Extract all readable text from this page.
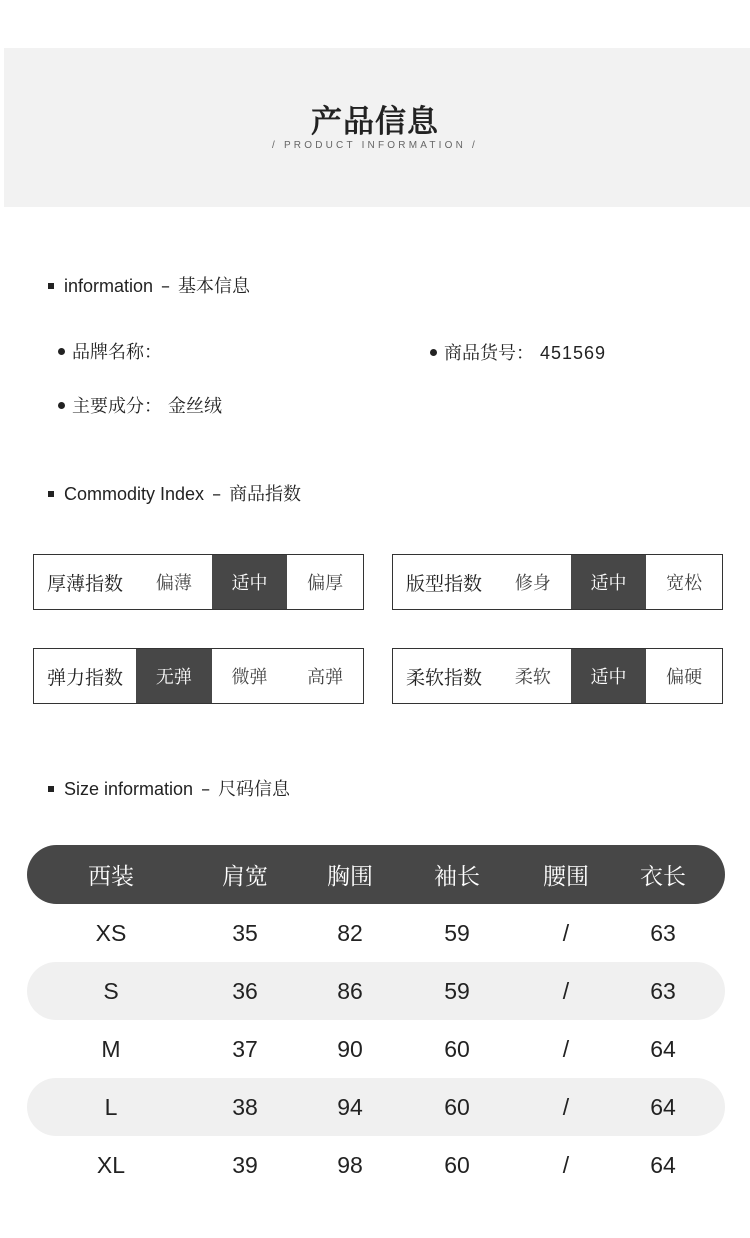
产品信息
/ PRODUCT INFORMATION /
information – 基本信息
品牌名称：	商品货号： 451569
主要成分： 金丝绒
Commodity Index – 商品指数
厚薄指数	偏薄	适中	偏厚	版型指数	修身	适中	宽松
弹力指数	无弹	微弹	高弹	柔软指数	柔软	适中	偏硬
Size information – 尺码信息
西装	肩宽	胸围	袖长	腰围	衣长
XS	35	82	59	/	63
S	36	86	59	/	63
M	37	90	60	/	64
L	38	94	60	/	64
XL	39	98	60	/	64
